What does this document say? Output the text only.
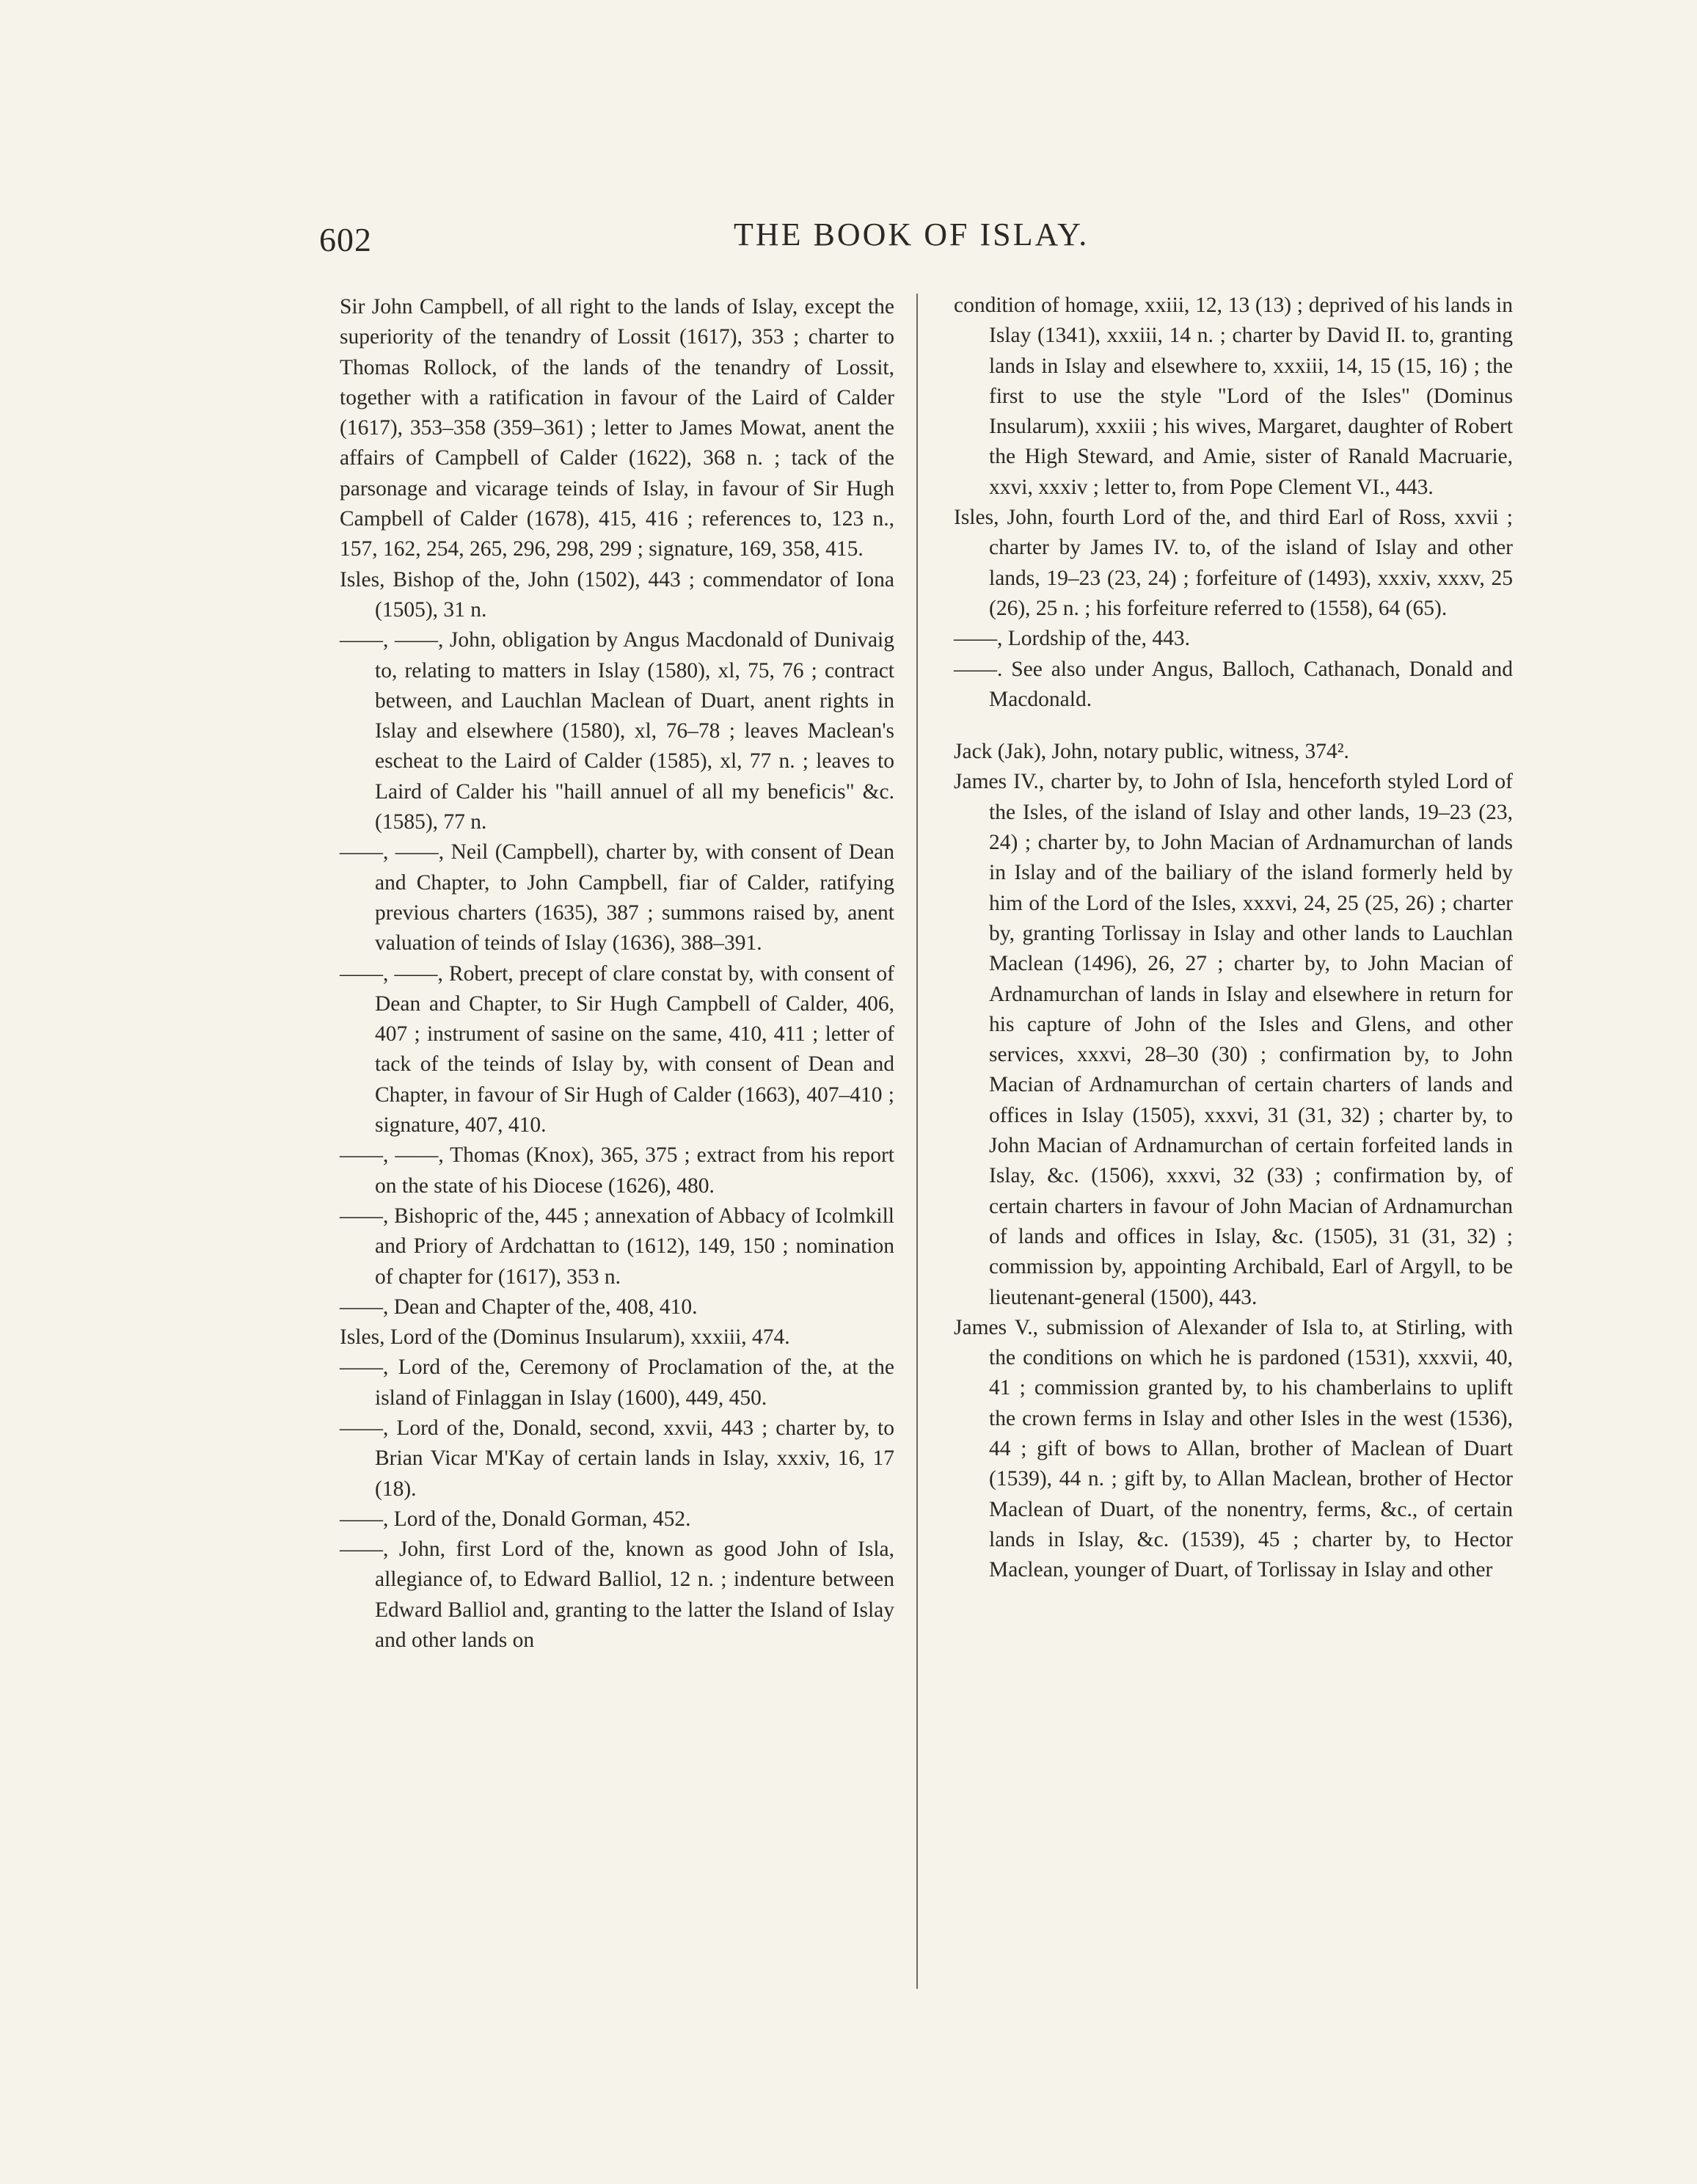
602	THE BOOK OF ISLAY.

Sir John Campbell, of all right to the lands of Islay, except the superiority of the tenandry of Lossit (1617), 353 ; charter to Thomas Rollock, of the lands of the tenandry of Lossit, together with a ratification in favour of the Laird of Calder (1617), 353–358 (359–361) ; letter to James Mowat, anent the affairs of Campbell of Calder (1622), 368 n. ; tack of the parsonage and vicarage teinds of Islay, in favour of Sir Hugh Campbell of Calder (1678), 415, 416 ; references to, 123 n., 157, 162, 254, 265, 296, 298, 299 ; signature, 169, 358, 415.

Isles, Bishop of the, John (1502), 443 ; commendator of Iona (1505), 31 n.

——, ——, John, obligation by Angus Macdonald of Dunivaig to, relating to matters in Islay (1580), xl, 75, 76 ; contract between, and Lauchlan Maclean of Duart, anent rights in Islay and elsewhere (1580), xl, 76–78 ; leaves Maclean's escheat to the Laird of Calder (1585), xl, 77 n. ; leaves to Laird of Calder his "haill annuel of all my beneficis" &c. (1585), 77 n.

——, ——, Neil (Campbell), charter by, with consent of Dean and Chapter, to John Campbell, fiar of Calder, ratifying previous charters (1635), 387 ; summons raised by, anent valuation of teinds of Islay (1636), 388–391.

——, ——, Robert, precept of clare constat by, with consent of Dean and Chapter, to Sir Hugh Campbell of Calder, 406, 407 ; instrument of sasine on the same, 410, 411 ; letter of tack of the teinds of Islay by, with consent of Dean and Chapter, in favour of Sir Hugh of Calder (1663), 407–410 ; signature, 407, 410.

——, ——, Thomas (Knox), 365, 375 ; extract from his report on the state of his Diocese (1626), 480.

——, Bishopric of the, 445 ; annexation of Abbacy of Icolmkill and Priory of Ardchattan to (1612), 149, 150 ; nomination of chapter for (1617), 353 n.

——, Dean and Chapter of the, 408, 410.

Isles, Lord of the (Dominus Insularum), xxxiii, 474.

——, Lord of the, Ceremony of Proclamation of the, at the island of Finlaggan in Islay (1600), 449, 450.

——, Lord of the, Donald, second, xxvii, 443 ; charter by, to Brian Vicar M'Kay of certain lands in Islay, xxxiv, 16, 17 (18).

——, Lord of the, Donald Gorman, 452.

——, John, first Lord of the, known as good John of Isla, allegiance of, to Edward Balliol, 12 n. ; indenture between Edward Balliol and, granting to the latter the Island of Islay and other lands on

condition of homage, xxiii, 12, 13 (13) ; deprived of his lands in Islay (1341), xxxiii, 14 n. ; charter by David II. to, granting lands in Islay and elsewhere to, xxxiii, 14, 15 (15, 16) ; the first to use the style "Lord of the Isles" (Dominus Insularum), xxxiii ; his wives, Margaret, daughter of Robert the High Steward, and Amie, sister of Ranald Macruarie, xxvi, xxxiv ; letter to, from Pope Clement VI., 443.

Isles, John, fourth Lord of the, and third Earl of Ross, xxvii ; charter by James IV. to, of the island of Islay and other lands, 19–23 (23, 24) ; forfeiture of (1493), xxxiv, xxxv, 25 (26), 25 n. ; his forfeiture referred to (1558), 64 (65).

——, Lordship of the, 443.

——. See also under Angus, Balloch, Cathanach, Donald and Macdonald.

Jack (Jak), John, notary public, witness, 374².

James IV., charter by, to John of Isla, henceforth styled Lord of the Isles, of the island of Islay and other lands, 19–23 (23, 24) ; charter by, to John Macian of Ardnamurchan of lands in Islay and of the bailiary of the island formerly held by him of the Lord of the Isles, xxxvi, 24, 25 (25, 26) ; charter by, granting Torlissay in Islay and other lands to Lauchlan Maclean (1496), 26, 27 ; charter by, to John Macian of Ardnamurchan of lands in Islay and elsewhere in return for his capture of John of the Isles and Glens, and other services, xxxvi, 28–30 (30) ; confirmation by, to John Macian of Ardnamurchan of certain charters of lands and offices in Islay (1505), xxxvi, 31 (31, 32) ; charter by, to John Macian of Ardnamurchan of certain forfeited lands in Islay, &c. (1506), xxxvi, 32 (33) ; confirmation by, of certain charters in favour of John Macian of Ardnamurchan of lands and offices in Islay, &c. (1505), 31 (31, 32) ; commission by, appointing Archibald, Earl of Argyll, to be lieutenant-general (1500), 443.

James V., submission of Alexander of Isla to, at Stirling, with the conditions on which he is pardoned (1531), xxxvii, 40, 41 ; commission granted by, to his chamberlains to uplift the crown ferms in Islay and other Isles in the west (1536), 44 ; gift of bows to Allan, brother of Maclean of Duart (1539), 44 n. ; gift by, to Allan Maclean, brother of Hector Maclean of Duart, of the nonentry, ferms, &c., of certain lands in Islay, &c. (1539), 45 ; charter by, to Hector Maclean, younger of Duart, of Torlissay in Islay and other
